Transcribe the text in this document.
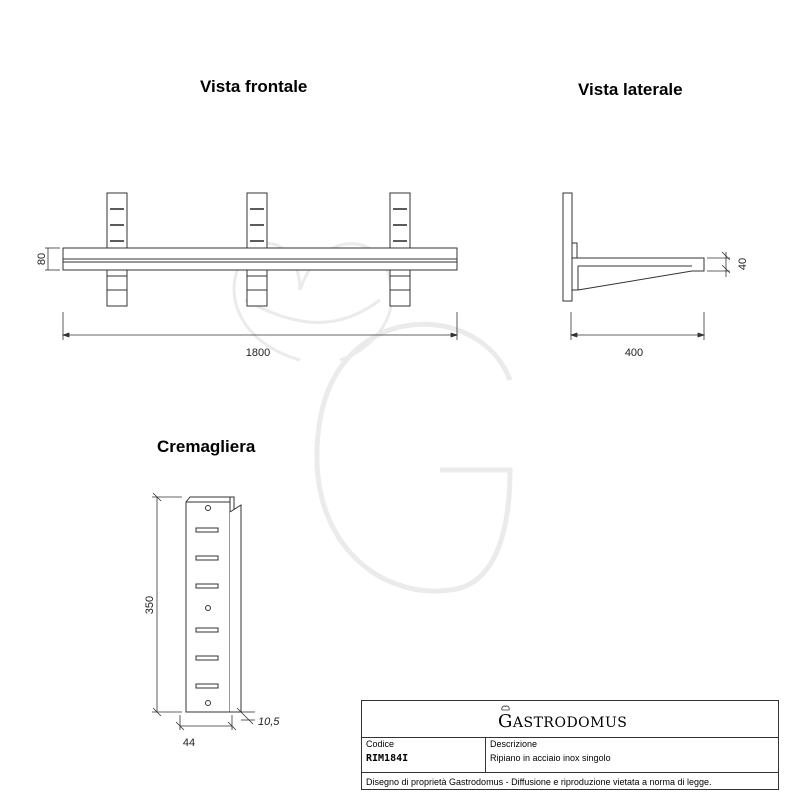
80
1800
40
400
350
44
10,5
Vista frontale	Vista laterale
Cremagliera
GASTRODOMUS
Codice
RIM184I
Descrizione
Ripiano in acciaio inox singolo
Disegno di proprietà Gastrodomus - Diffusione e riproduzione vietata a norma di legge.
